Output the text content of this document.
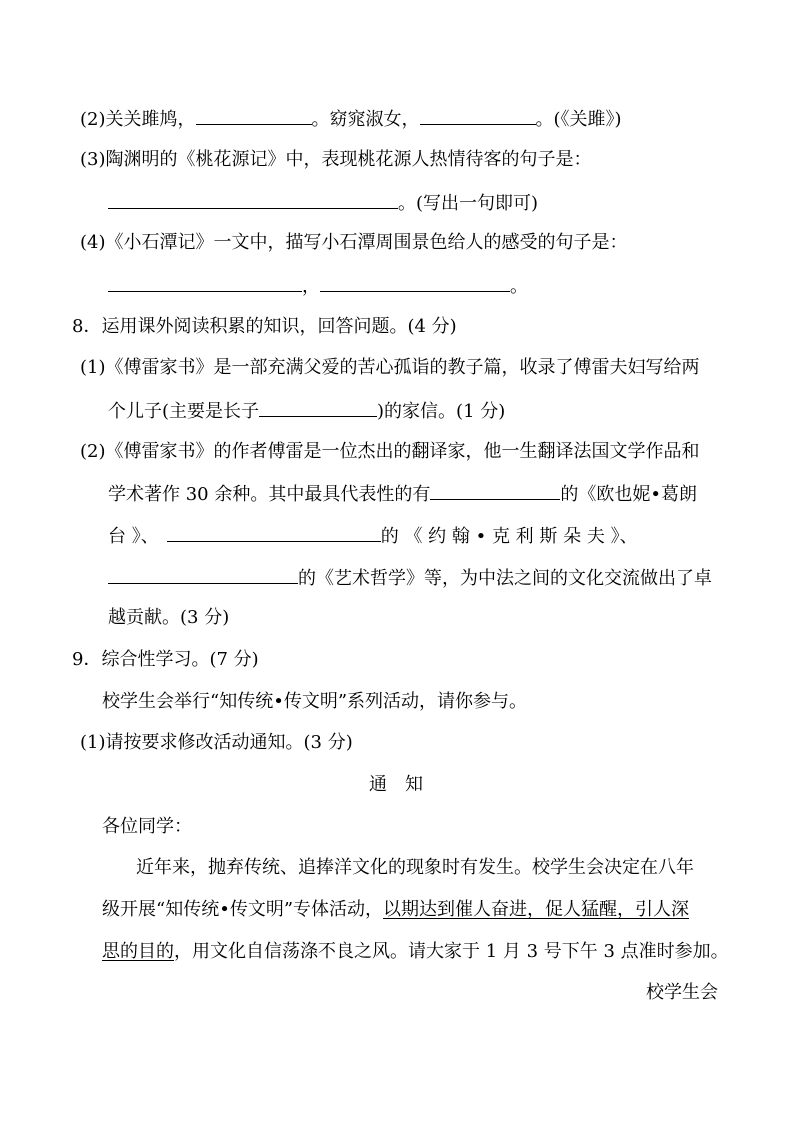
(2)关关雎鸠，	。窈窕淑女，	。(《关雎》)
(3)陶渊明的《桃花源记》中，表现桃花源人热情待客的句子是：
。(写出一句即可)
(4)《小石潭记》一文中，描写小石潭周围景色给人的感受的句子是：
，	。
8．运用课外阅读积累的知识，回答问题。(4 分)
(1)《傅雷家书》是一部充满父爱的苦心孤诣的教子篇，收录了傅雷夫妇写给两
个儿子(主要是长子	)的家信。(1 分)
(2)《傅雷家书》的作者傅雷是一位杰出的翻译家，他一生翻译法国文学作品和
学术著作 30 余种。其中最具代表性的有	的《欧也妮•葛朗
台 》、	的 《 约 翰 • 克 利 斯 朵 夫 》、
的《艺术哲学》等，为中法之间的文化交流做出了卓
越贡献。(3 分)
9．综合性学习。(7 分)
校学生会举行“知传统•传文明”系列活动，请你参与。
(1)请按要求修改活动通知。(3 分)
通知
各位同学：
近年来，抛弃传统、追捧洋文化的现象时有发生。校学生会决定在八年
级开展“知传统•传文明”专体活动，以期达到催人奋进，促人猛醒，引人深
思的目的，用文化自信荡涤不良之风。请大家于 1 月 3 号下午 3 点准时参加。
校学生会
